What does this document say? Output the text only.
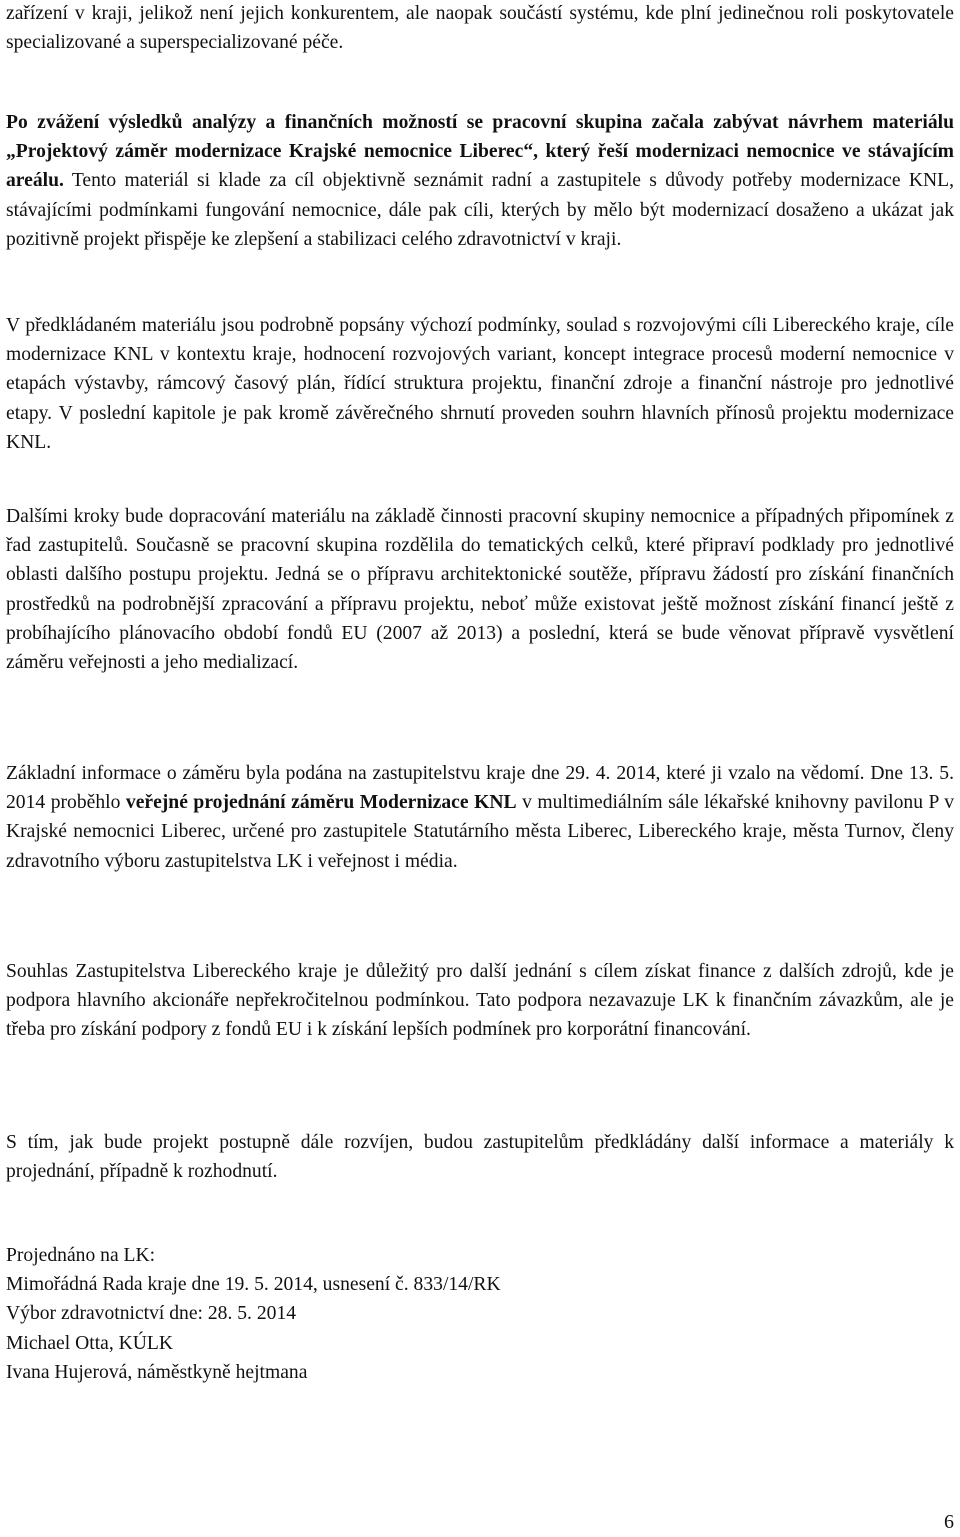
zařízení v kraji, jelikož není jejich konkurentem, ale naopak součástí systému, kde plní jedinečnou roli poskytovatele specializované a superspecializované péče.

Po zvážení výsledků analýzy a finančních možností se pracovní skupina začala zabývat návrhem materiálu „Projektový záměr modernizace Krajské nemocnice Liberec“, který řeší modernizaci nemocnice ve stávajícím areálu. Tento materiál si klade za cíl objektivně seznámit radní a zastupitele s důvody potřeby modernizace KNL, stávajícími podmínkami fungování nemocnice, dále pak cíli, kterých by mělo být modernizací dosaženo a ukázat jak pozitivně projekt přispěje ke zlepšení a stabilizaci celého zdravotnictví v kraji.

V předkládaném materiálu jsou podrobně popsány výchozí podmínky, soulad s rozvojovými cíli Libereckého kraje, cíle modernizace KNL v kontextu kraje, hodnocení rozvojových variant, koncept integrace procesů moderní nemocnice v etapách výstavby, rámcový časový plán, řídící struktura projektu, finanční zdroje a finanční nástroje pro jednotlivé etapy. V poslední kapitole je pak kromě závěrečného shrnutí proveden souhrn hlavních přínosů projektu modernizace KNL.

Dalšími kroky bude dopracování materiálu na základě činnosti pracovní skupiny nemocnice a případných připomínek z řad zastupitelů. Současně se pracovní skupina rozdělila do tematických celků, které připraví podklady pro jednotlivé oblasti dalšího postupu projektu. Jedná se o přípravu architektonické soutěže, přípravu žádostí pro získání finančních prostředků na podrobnější zpracování a přípravu projektu, neboť může existovat ještě možnost získání financí ještě z probíhajícího plánovacího období fondů EU (2007 až 2013) a poslední, která se bude věnovat přípravě vysvětlení záměru veřejnosti a jeho medializací.

Základní informace o záměru byla podána na zastupitelstvu kraje dne 29. 4. 2014, které ji vzalo na vědomí. Dne 13. 5. 2014 proběhlo veřejné projednání záměru Modernizace KNL v multimediálním sále lékařské knihovny pavilonu P v Krajské nemocnici Liberec, určené pro zastupitele Statutárního města Liberec, Libereckého kraje, města Turnov, členy zdravotního výboru zastupitelstva LK i veřejnost i média.

Souhlas Zastupitelstva Libereckého kraje je důležitý pro další jednání s cílem získat finance z dalších zdrojů, kde je podpora hlavního akcionáře nepřekročitelnou podmínkou. Tato podpora nezavazuje LK k finančním závazkům, ale je třeba pro získání podpory z fondů EU i k získání lepších podmínek pro korporátní financování.

S tím, jak bude projekt postupně dále rozvíjen, budou zastupitelům předkládány další informace a materiály k projednání, případně k rozhodnutí.

Projednáno na LK:
Mimořádná Rada kraje dne 19. 5. 2014, usnesení č. 833/14/RK
Výbor zdravotnictví dne: 28. 5. 2014
Michael Otta, KÚLK
Ivana Hujerová, náměstkyně hejtmana
6
